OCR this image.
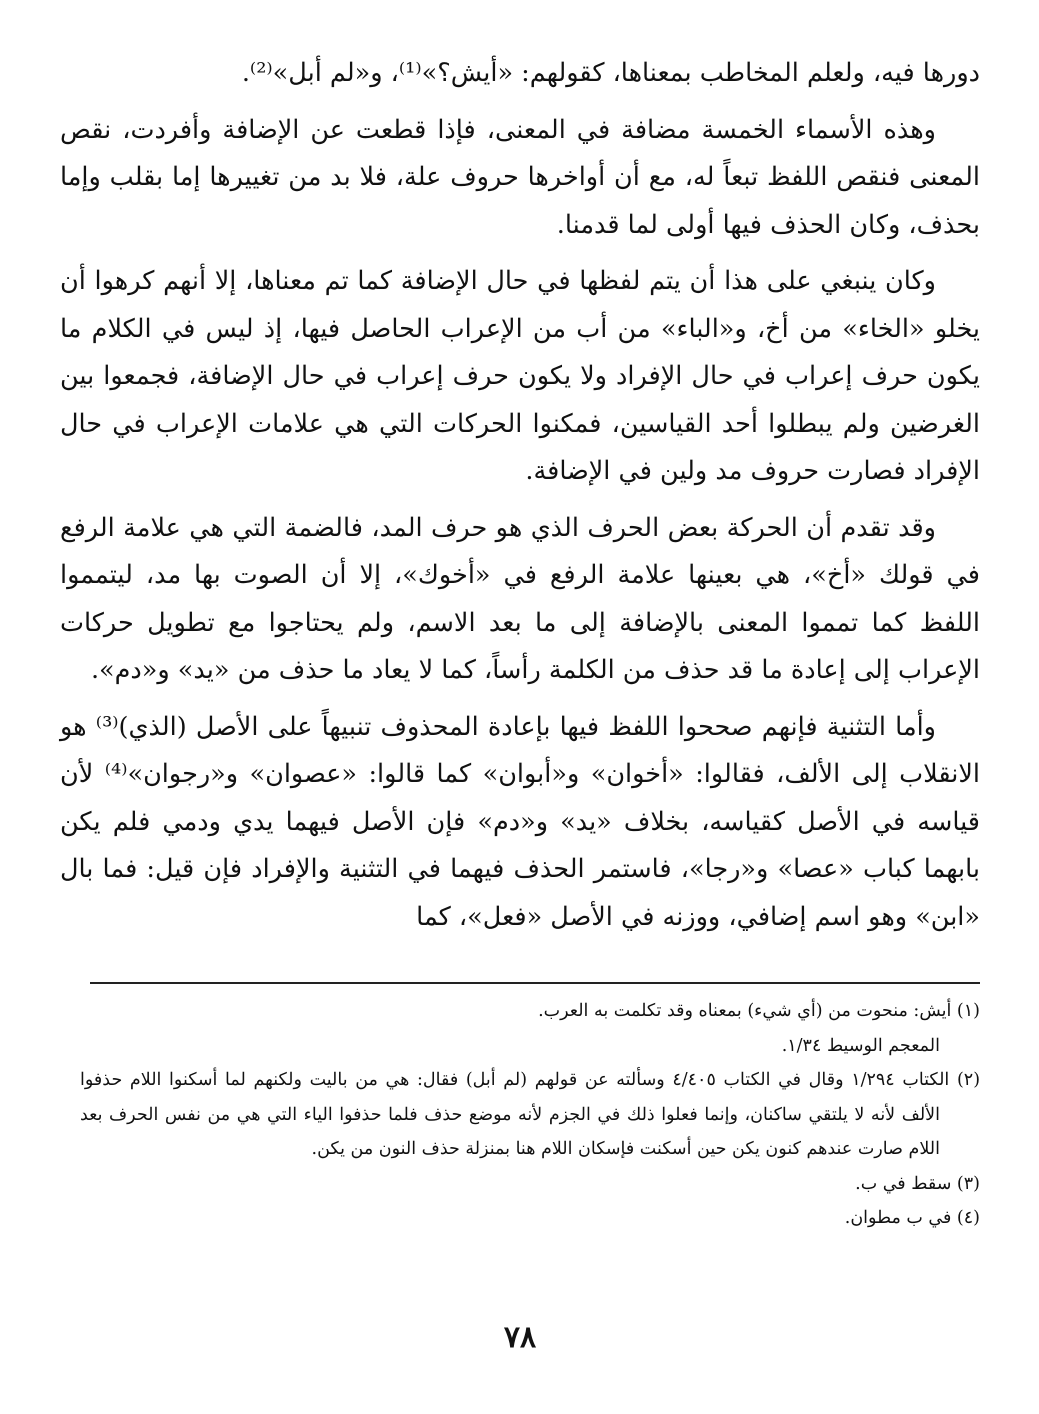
دورها فيه، ولعلم المخاطب بمعناها، كقولهم: «أيش؟»⁽¹⁾، و«لم أبل»⁽²⁾.

وهذه الأسماء الخمسة مضافة في المعنى، فإذا قطعت عن الإضافة وأفردت، نقص المعنى فنقص اللفظ تبعاً له، مع أن أواخرها حروف علة، فلا بد من تغييرها إما بقلب وإما بحذف، وكان الحذف فيها أولى لما قدمنا.

وكان ينبغي على هذا أن يتم لفظها في حال الإضافة كما تم معناها، إلا أنهم كرهوا أن يخلو «الخاء» من أخ، و«الباء» من أب من الإعراب الحاصل فيها، إذ ليس في الكلام ما يكون حرف إعراب في حال الإفراد ولا يكون حرف إعراب في حال الإضافة، فجمعوا بين الغرضين ولم يبطلوا أحد القياسين، فمكنوا الحركات التي هي علامات الإعراب في حال الإفراد فصارت حروف مد ولين في الإضافة.

وقد تقدم أن الحركة بعض الحرف الذي هو حرف المد، فالضمة التي هي علامة الرفع في قولك «أخ»، هي بعينها علامة الرفع في «أخوك»، إلا أن الصوت بها مد، ليتمموا اللفظ كما تمموا المعنى بالإضافة إلى ما بعد الاسم، ولم يحتاجوا مع تطويل حركات الإعراب إلى إعادة ما قد حذف من الكلمة رأساً، كما لا يعاد ما حذف من «يد» و«دم».

وأما التثنية فإنهم صححوا اللفظ فيها بإعادة المحذوف تنبيهاً على الأصل (الذي)⁽³⁾ هو الانقلاب إلى الألف، فقالوا: «أخوان» و«أبوان» كما قالوا: «عصوان» و«رجوان»⁽⁴⁾ لأن قياسه في الأصل كقياسه، بخلاف «يد» و«دم» فإن الأصل فيهما يدي ودمي فلم يكن بابهما كباب «عصا» و«رجا»، فاستمر الحذف فيهما في التثنية والإفراد فإن قيل: فما بال «ابن» وهو اسم إضافي، ووزنه في الأصل «فعل»، كما

(١) أيش: منحوت من (أي شيء) بمعناه وقد تكلمت به العرب.

المعجم الوسيط ١/٣٤.

(٢) الكتاب ١/٢٩٤ وقال في الكتاب ٤/٤٠٥ وسألته عن قولهم (لم أبل) فقال: هي من باليت ولكنهم لما أسكنوا اللام حذفوا الألف لأنه لا يلتقي ساكنان، وإنما فعلوا ذلك في الجزم لأنه موضع حذف فلما حذفوا الياء التي هي من نفس الحرف بعد اللام صارت عندهم كنون يكن حين أسكنت فإسكان اللام هنا بمنزلة حذف النون من يكن.

(٣) سقط في ب.

(٤) في ب مطوان.

٧٨
